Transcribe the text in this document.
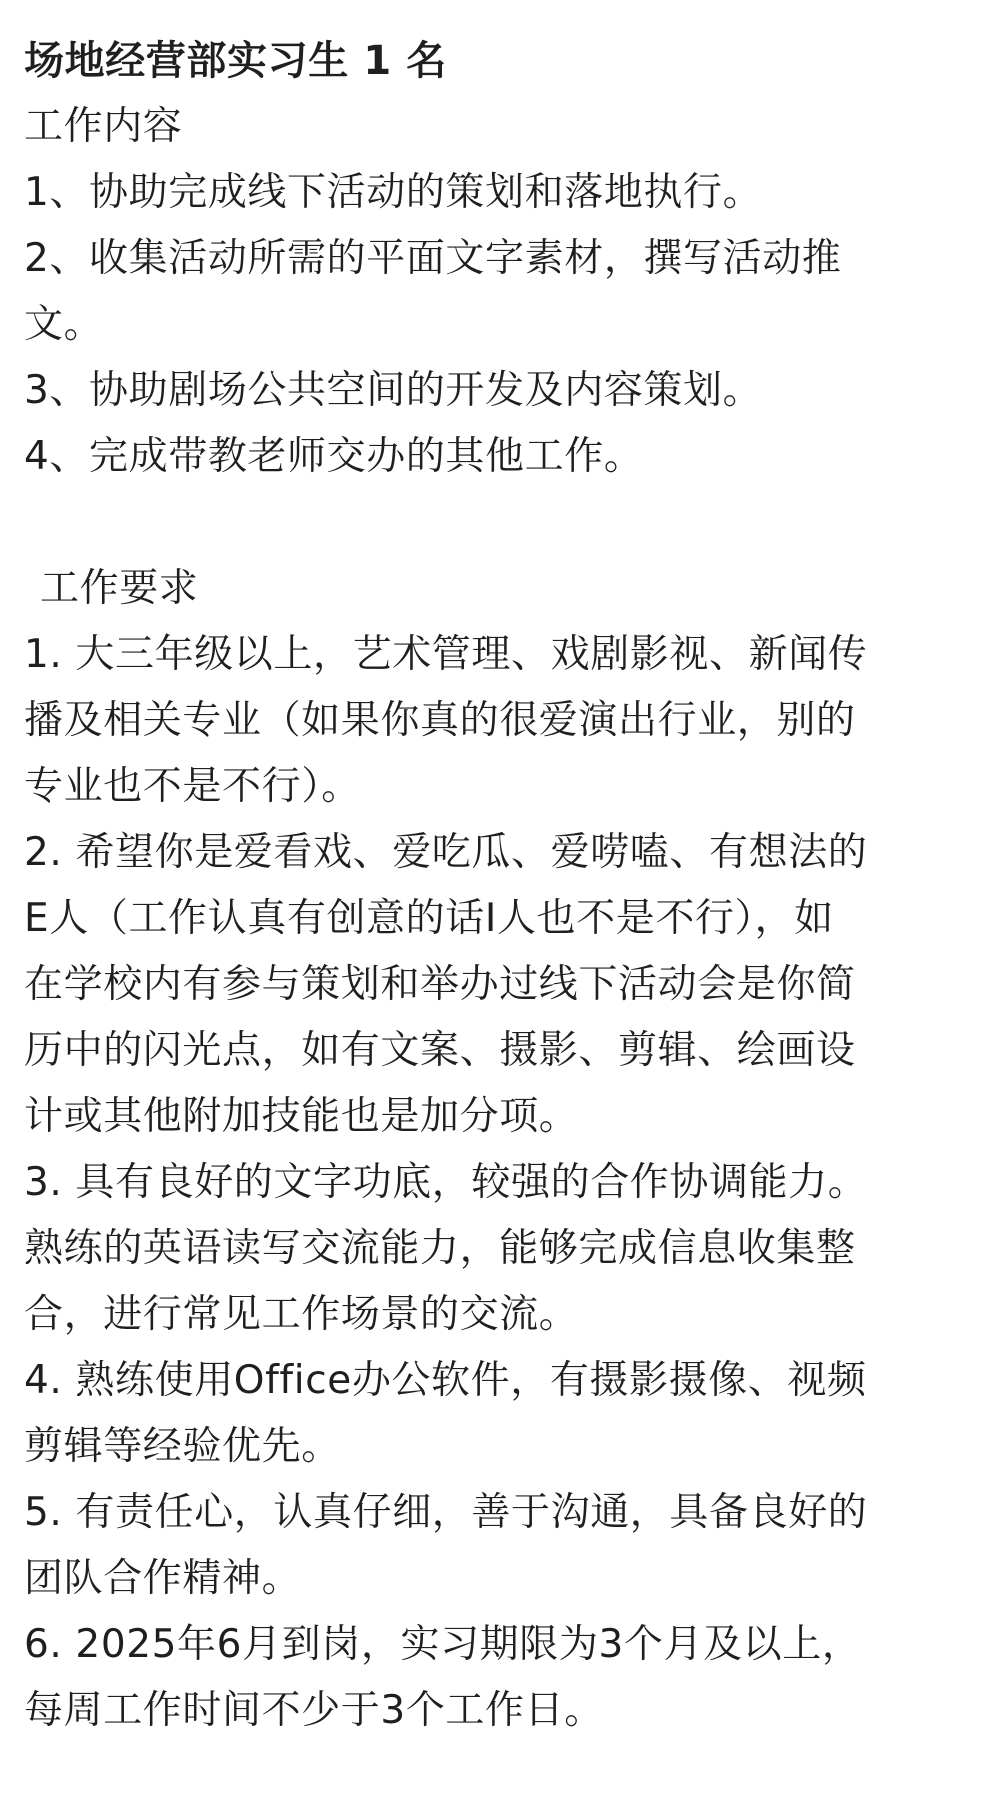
场地经营部实习生 1 名
工作内容
1、协助完成线下活动的策划和落地执行。
2、收集活动所需的平面文字素材，撰写活动推
文。
3、协助剧场公共空间的开发及内容策划。
4、完成带教老师交办的其他工作。
工作要求
1. 大三年级以上，艺术管理、戏剧影视、新闻传
播及相关专业（如果你真的很爱演出行业，别的
专业也不是不行）。
2. 希望你是爱看戏、爱吃瓜、爱唠嗑、有想法的
E人（工作认真有创意的话I人也不是不行），如
在学校内有参与策划和举办过线下活动会是你简
历中的闪光点，如有文案、摄影、剪辑、绘画设
计或其他附加技能也是加分项。
3. 具有良好的文字功底，较强的合作协调能力。
熟练的英语读写交流能力，能够完成信息收集整
合，进行常见工作场景的交流。
4. 熟练使用Office办公软件，有摄影摄像、视频
剪辑等经验优先。
5. 有责任心，认真仔细，善于沟通，具备良好的
团队合作精神。
6. 2025年6月到岗，实习期限为3个月及以上，
每周工作时间不少于3个工作日。
